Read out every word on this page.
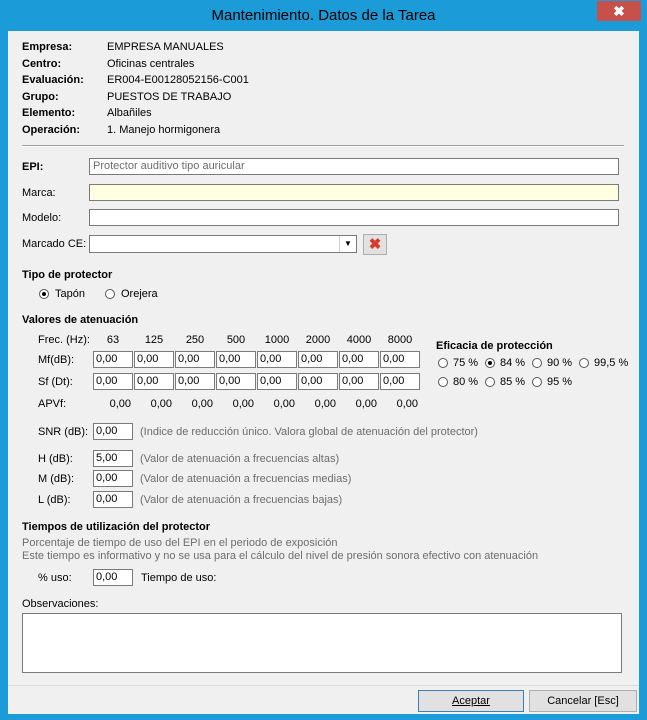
Mantenimiento. Datos de la Tarea	✖
Empresa:	EMPRESA MANUALES
Centro:	Oficinas centrales
Evaluación: ER004-E00128052156-C001
Grupo:	PUESTOS DE TRABAJO
Elemento:	Albañiles
Operación: 1. Manejo hormigonera
EPI:	Protector auditivo tipo auricular
Marca:
Modelo:
Marcado CE:	▼	✖
Tipo de protector
Tapón	Orejera
Valores de atenuación
Frec. (Hz):	63	125	250	500	1000	2000	4000	8000
Mf(dB): 0,00	0,00	0,00	0,00	0,00	0,00	0,00	0,00
Sf (Dt): 0,00	0,00	0,00	0,00	0,00	0,00	0,00	0,00
APVf:	0,00	0,00	0,00	0,00	0,00	0,00	0,00	0,00
Eficacia de protección
75 % 84 % 90 % 99,5 %
80 % 85 % 95 %
SNR (dB): 0,00	(Indice de reducción único. Valora global de atenuación del protector)
H (dB): 5,00	(Valor de atenuación a frecuencias altas)
M (dB): 0,00	(Valor de atenuación a frecuencias medias)
L (dB): 0,00	(Valor de atenuación a frecuencias bajas)
Tiempos de utilización del protector
Porcentaje de tiempo de uso del EPI en el periodo de exposición
Este tiempo es informativo y no se usa para el cálculo del nivel de presión sonora efectivo con atenuación
% uso: 0,00	Tiempo de uso:
Observaciones:
Aceptar	Cancelar [Esc]
